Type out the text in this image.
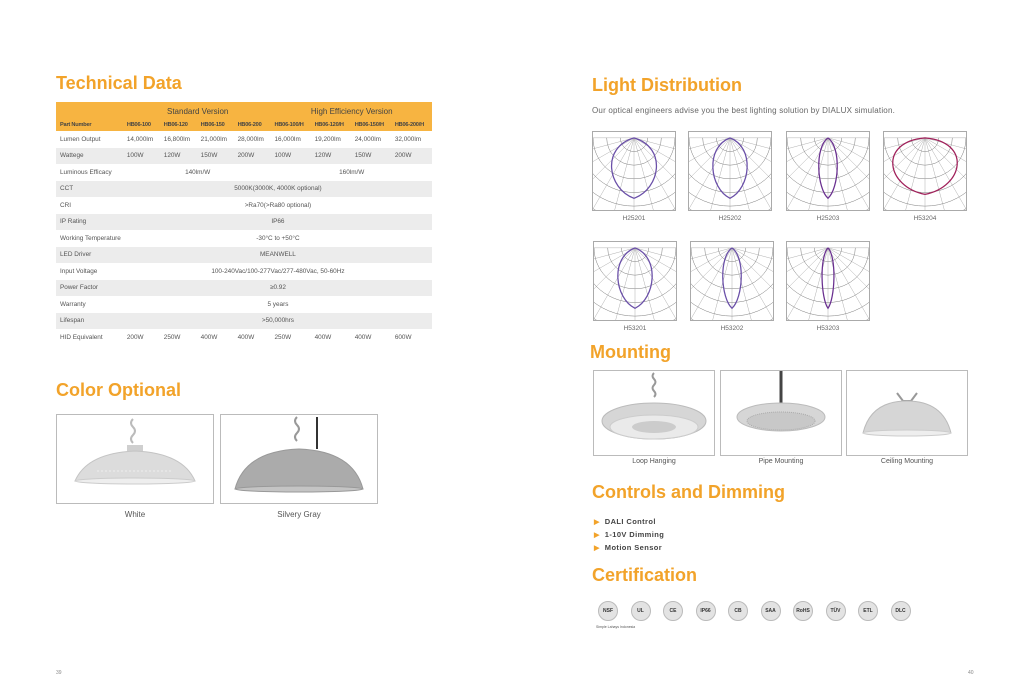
Technical Data
	Standard Version				High Efficiency Version			
Part Number	HB06-100	HB06-120	HB06-150	HB06-200	HB06-100/H	HB06-120/H	HB06-150/H	HB06-200/H
Lumen Output	14,000lm	16,800lm	21,000lm	28,000lm	16,000lm	19,200lm	24,000lm	32,000lm
Wattege	100W	120W	150W	200W	100W	120W	150W	200W
Luminous Efficacy	140lm/W				160lm/W			
CCT	5000K(3000K, 4000K optional)							
CRI	>Ra70(>Ra80 optional)							
IP Rating	IP66							
Working Temperature	-30°C to +50°C							
LED Driver	MEANWELL							
Input Voltage	100-240Vac/100-277Vac/277-480Vac, 50-60Hz							
Power Factor	≥0.92							
Warranty	5 years							
Lifespan	>50,000hrs							
HID Equivalent	200W	250W	400W	400W	250W	400W	400W	600W
Color Optional
White	Silvery Gray
39
Light Distribution
Our optical engineers advise you the best lighting solution by DIALUX simulation.
H25201	H25202	H25203	H53204
H53201	H53202	H53203
Mounting
Loop Hanging	Pipe Mounting	Ceiling Mounting
Controls and Dimming
▶ DALI Control
▶ 1-10V Dimming
▶ Motion Sensor
Certification
NSF	UL	CE	IP66	CB	SAA	RoHS	TÜV	ETL	DLC
Simple Lahays Indonesia
40
